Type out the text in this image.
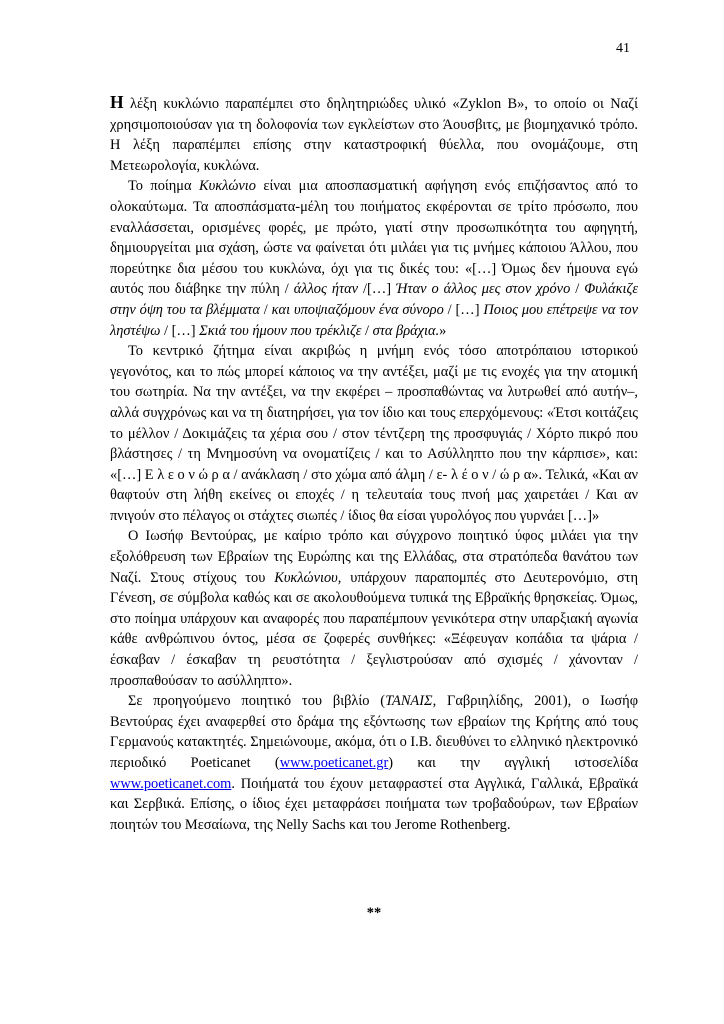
41

Η λέξη κυκλώνιο παραπέμπει στο δηλητηριώδες υλικό «Zyklon B», το οποίο οι Ναζί χρησιμοποιούσαν για τη δολοφονία των εγκλείστων στο Άουσβιτς, με βιομηχανικό τρόπο. Η λέξη παραπέμπει επίσης στην καταστροφική θύελλα, που ονομάζουμε, στη Μετεωρολογία, κυκλώνα.

Το ποίημα Κυκλώνιο είναι μια αποσπασματική αφήγηση ενός επιζήσαντος από το ολοκαύτωμα. Τα αποσπάσματα-μέλη του ποιήματος εκφέρονται σε τρίτο πρόσωπο, που εναλλάσσεται, ορισμένες φορές, με πρώτο, γιατί στην προσωπικότητα του αφηγητή, δημιουργείται μια σχάση, ώστε να φαίνεται ότι μιλάει για τις μνήμες κάποιου Άλλου, που πορεύτηκε δια μέσου του κυκλώνα, όχι για τις δικές του: «[…] Όμως δεν ήμουνα εγώ αυτός που διάβηκε την πύλη / άλλος ήταν /[…] Ήταν ο άλλος μες στον χρόνο / Φυλάκιζε στην όψη του τα βλέμματα / και υποψιαζόμουν ένα σύνορο / […] Ποιος μου επέτρεψε να τον ληστέψω / […] Σκιά του ήμουν που τρέκλιζε / στα βράχια.»

Το κεντρικό ζήτημα είναι ακριβώς η μνήμη ενός τόσο αποτρόπαιου ιστορικού γεγονότος, και το πώς μπορεί κάποιος να την αντέξει, μαζί με τις ενοχές για την ατομική του σωτηρία. Να την αντέξει, να την εκφέρει – προσπαθώντας να λυτρωθεί από αυτήν–, αλλά συγχρόνως και να τη διατηρήσει, για τον ίδιο και τους επερχόμενους: «Έτσι κοιτάζεις το μέλλον / Δοκιμάζεις τα χέρια σου / στον τέντζερη της προσφυγιάς / Χόρτο πικρό που βλάστησες / τη Μνημοσύνη να ονοματίζεις / και το Ασύλληπτο που την κάρπισε», και: «[…] Ε λ ε ο ν ώ ρ α / ανάκλαση / στο χώμα από άλμη / ε- λ έ ο ν / ώ ρ α». Τελικά, «Και αν θαφτούν στη λήθη εκείνες οι εποχές / η τελευταία τους πνοή μας χαιρετάει / Και αν πνιγούν στο πέλαγος οι στάχτες σιωπές / ίδιος θα είσαι γυρολόγος που γυρνάει […]»

Ο Ιωσήφ Βεντούρας, με καίριο τρόπο και σύγχρονο ποιητικό ύφος μιλάει για την εξολόθρευση των Εβραίων της Ευρώπης και της Ελλάδας, στα στρατόπεδα θανάτου των Ναζί. Στους στίχους του Κυκλώνιου, υπάρχουν παραπομπές στο Δευτερονόμιο, στη Γένεση, σε σύμβολα καθώς και σε ακολουθούμενα τυπικά της Εβραϊκής θρησκείας. Όμως, στο ποίημα υπάρχουν και αναφορές που παραπέμπουν γενικότερα στην υπαρξιακή αγωνία κάθε ανθρώπινου όντος, μέσα σε ζοφερές συνθήκες: «Ξέφευγαν κοπάδια τα ψάρια / έσκαβαν / έσκαβαν τη ρευστότητα / ξεγλιστρούσαν από σχισμές / χάνονταν / προσπαθούσαν το ασύλληπτο».

Σε προηγούμενο ποιητικό του βιβλίο (ΤΑΝΑΙΣ, Γαβριηλίδης, 2001), ο Ιωσήφ Βεντούρας έχει αναφερθεί στο δράμα της εξόντωσης των εβραίων της Κρήτης από τους Γερμανούς κατακτητές. Σημειώνουμε, ακόμα, ότι ο Ι.Β. διευθύνει το ελληνικό ηλεκτρονικό περιοδικό Poeticanet (www.poeticanet.gr) και την αγγλική ιστοσελίδα www.poeticanet.com. Ποιήματά του έχουν μεταφραστεί στα Αγγλικά, Γαλλικά, Εβραϊκά και Σερβικά. Επίσης, ο ίδιος έχει μεταφράσει ποιήματα των τροβαδούρων, των Εβραίων ποιητών του Μεσαίωνα, της Nelly Sachs και του Jerome Rothenberg.

**
